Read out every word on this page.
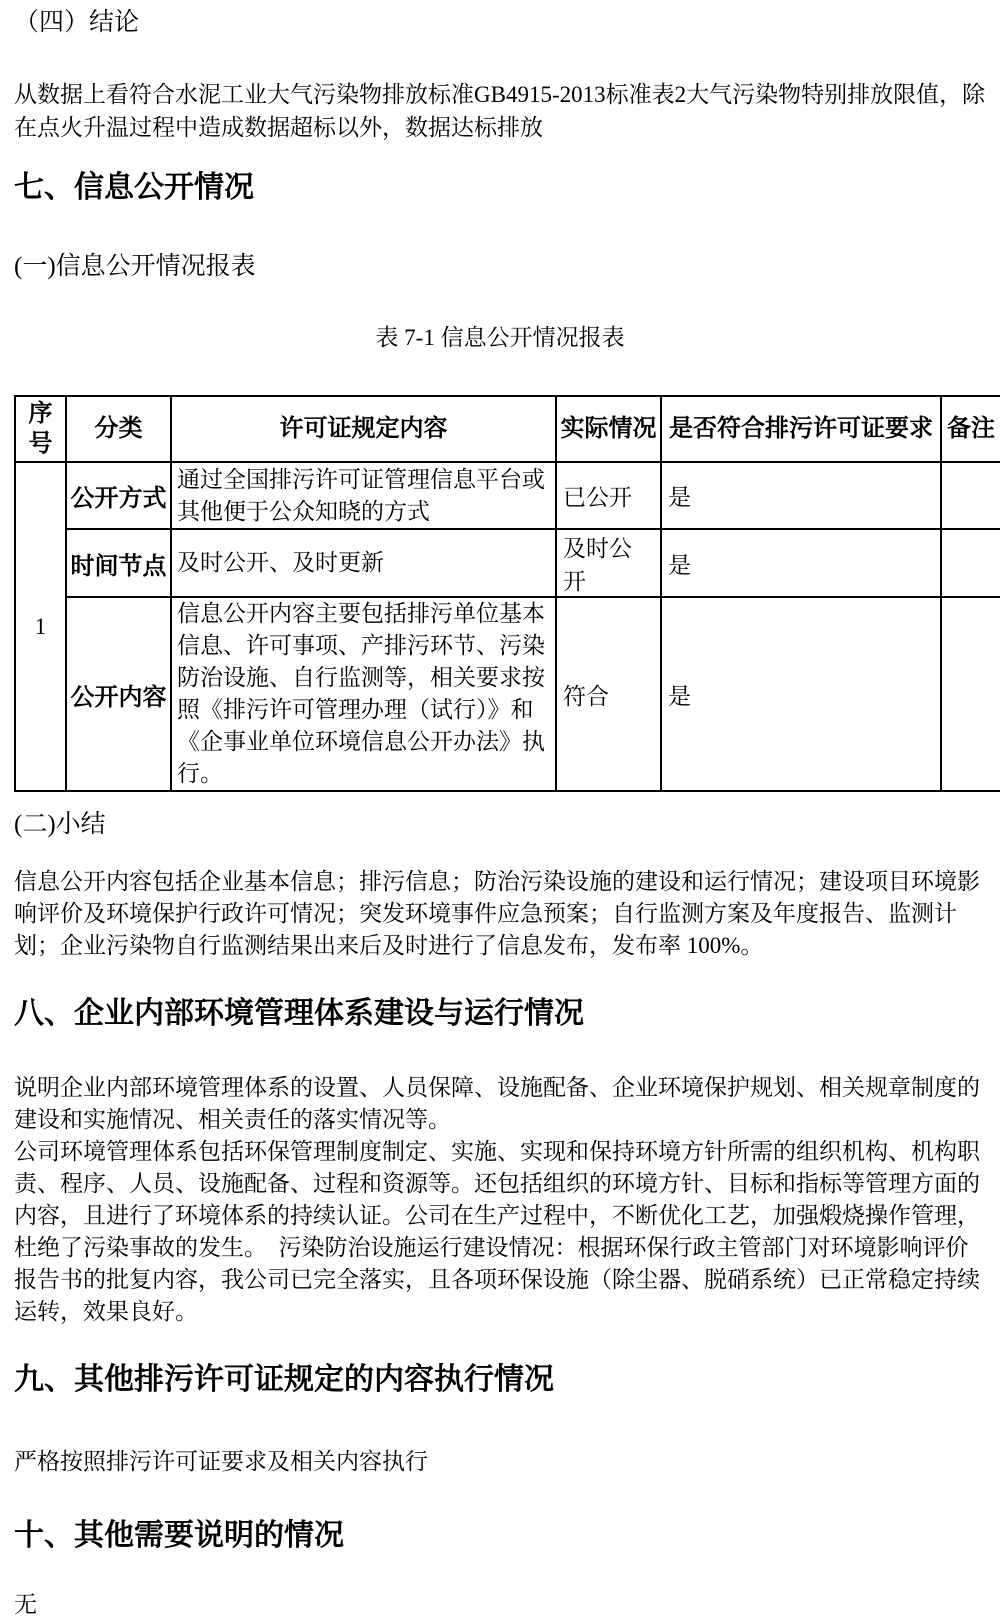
（四）结论

从数据上看符合水泥工业大气污染物排放标准GB4915-2013标准表2大气污染物特别排放限值，除在点火升温过程中造成数据超标以外，数据达标排放

七、信息公开情况
(一)信息公开情况报表
表 7-1 信息公开情况报表
序号	分类	许可证规定内容	实际情况	是否符合排污许可证要求	备注
1	公开方式	通过全国排污许可证管理信息平台或其他便于公众知晓的方式	已公开	是	
	时间节点	及时公开、及时更新	及时公开	是	
	公开内容	信息公开内容主要包括排污单位基本信息、许可事项、产排污环节、污染防治设施、自行监测等，相关要求按照《排污许可管理办理（试行）》和《企事业单位环境信息公开办法》执行。	符合	是	
(二)小结

信息公开内容包括企业基本信息；排污信息；防治污染设施的建设和运行情况；建设项目环境影响评价及环境保护行政许可情况；突发环境事件应急预案；自行监测方案及年度报告、监测计划；企业污染物自行监测结果出来后及时进行了信息发布，发布率 100%。

八、企业内部环境管理体系建设与运行情况

说明企业内部环境管理体系的设置、人员保障、设施配备、企业环境保护规划、相关规章制度的建设和实施情况、相关责任的落实情况等。

公司环境管理体系包括环保管理制度制定、实施、实现和保持环境方针所需的组织机构、机构职责、程序、人员、设施配备、过程和资源等。还包括组织的环境方针、目标和指标等管理方面的内容，且进行了环境体系的持续认证。公司在生产过程中，不断优化工艺，加强煅烧操作管理，杜绝了污染事故的发生。　污染防治设施运行建设情况：根据环保行政主管部门对环境影响评价报告书的批复内容，我公司已完全落实，且各项环保设施（除尘器、脱硝系统）已正常稳定持续运转，效果良好。

九、其他排污许可证规定的内容执行情况

严格按照排污许可证要求及相关内容执行

十、其他需要说明的情况

无
